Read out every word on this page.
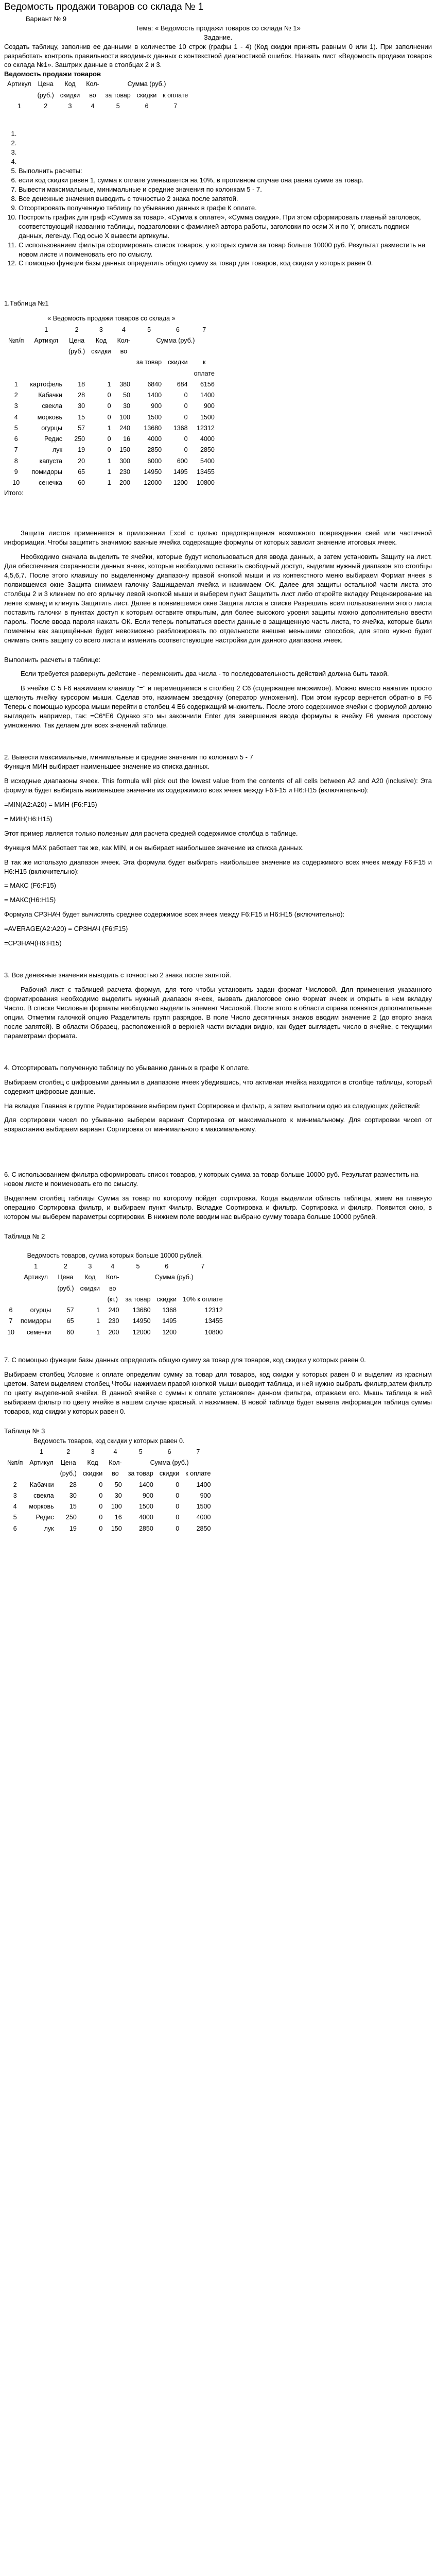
Ведомость продажи товаров со склада № 1

Вариант № 9

Тема: « Ведомость продажи товаров со склада № 1»

Задание.

Создать таблицу, заполнив ее данными в количестве 10 строк (графы 1 - 4) (Код скидки принять равным 0 или 1). При заполнении разработать контроль правильности вводимых данных с контекстной диагностикой ошибок. Назвать лист «Ведомость продажи товаров со склада №1». Заштрих данные в столбцах 2 и 3.

Ведомость продажи товаров

Артикул	Цена	Код	Кол-	Сумма (руб.)		
	(руб.)	скидки	во	за товар	скидки	к оплате
1	2	3	4	5	6	7
1.
2.
3.
4.
5. Выполнить расчеты:
6. если код скидки равен 1, сумма к оплате уменьшается на 10%, в противном случае она равна сумме за товар.
7. Вывести максимальные, минимальные и средние значения по колонкам 5 - 7.
8. Все денежные значения выводить с точностью 2 знака после запятой.
9. Отсортировать полученную таблицу по убыванию данных в графе К оплате.
10. Построить график для граф «Сумма за товар», «Сумма к оплате», «Сумма скидки». При этом сформировать главный заголовок, соответствующий названию таблицы, подзаголовки с фамилией автора работы, заголовки по осям X и по Y, описать подписи данных, легенду. Под осью X вывести артикулы.
11. С использованием фильтра сформировать список товаров, у которых сумма за товар больше 10000 руб. Результат разместить на новом листе и поименовать его по смыслу.
12. С помощью функции базы данных определить общую сумму за товар для товаров, код скидки у которых равен 0.

1.Таблица №1

« Ведомость продажи товаров со склада »							
	1	2	3	4	5	6	7
№п/п	Артикул	Цена	Код	Кол-	Сумма (руб.)		
		(руб.)	скидки	во			
					за товар	скидки	к
							оплате
1	картофель	18	1	380	6840	684	6156
2	Кабачки	28	0	50	1400	0	1400
3	свекла	30	0	30	900	0	900
4	морковь	15	0	100	1500	0	1500
5	огурцы	57	1	240	13680	1368	12312
6	Редис	250	0	16	4000	0	4000
7	лук	19	0	150	2850	0	2850
8	капуста	20	1	300	6000	600	5400
9	помидоры	65	1	230	14950	1495	13455
10	сенечка	60	1	200	12000	1200	10800

Итого:

Защита листов применяется в приложении Excel с целью предотвращения возможного повреждения свей или частичной информации. Чтобы защитить значимою важные ячейка содержащие формулы от которых зависит значение итоговых ячеек.

Необходимо сначала выделить те ячейки, которые будут использоваться для ввода данных, а затем установить Защиту на лист. Для обеспечения сохранности данных ячеек, которые необходимо оставить свободный доступ, выделим нужный диапазон это столбцы 4,5,6,7. После этого клавишу по выделенному диапазону правой кнопкой мыши и из контекстного меню выбираем Формат ячеек в появившемся окне Защита снимаем галочку Защищаемая ячейка и нажимаем ОК. Далее для защиты остальной части листа это столбцы 2 и 3 кликнем по его ярлычку левой кнопкой мыши и выберем пункт Защитить лист либо откройте вкладку Рецензирование на ленте команд и клинуть Защитить лист. Далее в появившемся окне Защита листа в списке Разрешить всем пользователям этого листа поставить галочки в пунктах доступ к которым оставите открытым, для более высокого уровня защиты можно дополнительно ввести пароль. После ввода пароля нажать ОК. Если теперь попытаться ввести данные в защищенную часть листа, то ячейка, которые были помечены как защищённые будет невозможно разблокировать по отдельности внешне меньшими способов, для этого нужно будет снимать снять защиту со всего листа и изменить соответствующие настройки для данного диапазона ячеек.

Выполнить расчеты в таблице:

Если требуется развернуть действие - перемножить два числа - то последовательность действий должна быть такой.

В ячейке С 5 F6 нажимаем клавишу "=" и перемещаемся в столбец 2 C6 (содержащее множимое). Можно вместо нажатия просто щелкнуть ячейку курсором мыши. Сделав это, нажимаем звездочку (оператор умножения). При этом курсор вернется обратно в F6 Теперь с помощью курсора мыши перейти в столбец 4 E6 содержащий множитель. После этого содержимое ячейки с формулой должно выглядеть например, так: =C6*E6 Однако это мы закончили Enter для завершения ввода формулы в ячейку F6 умения простому умножению. Так делаем для всех значений таблице.

2. Вывести максимальные, минимальные и средние значения по колонкам 5 - 7

Функция МИН выбирает наименьшее значение из списка данных.

В исходные диапазоны ячеек. This formula will pick out the lowest value from the contents of all cells between A2 and A20 (inclusive): Эта формула будет выбирать наименьшее значение из содержимого всех ячеек между F6:F15 и H6:H15 (включительно):

=MIN(A2:A20) = МИН (F6:F15)

= МИН(H6:H15)

Этот пример является только полезным для расчета средней содержимое столбца в таблице.

Функция МАХ работает так же, как MIN, и он выбирает наибольшее значение из списка данных.

В так же использую диапазон ячеек. Эта формула будет выбирать наибольшее значение из содержимого всех ячеек между F6:F15 и H6:H15 (включительно):

= МАКС (F6:F15)

= МАКС(H6:H15)

Формула СРЗНАЧ будет вычислять среднее содержимое всех ячеек между F6:F15 и H6:H15 (включительно):

=AVERAGE(A2:A20) = СРЗНАЧ (F6:F15)

=СРЗНАЧ(H6:H15)

3. Все денежные значения выводить с точностью 2 знака после запятой.

Рабочий лист с таблицей расчета формул, для того чтобы установить задан формат Числовой. Для применения указанного форматирования необходимо выделить нужный диапазон ячеек, вызвать диалоговое окно Формат ячеек и открыть в нем вкладку Число. В списке Числовые форматы необходимо выделить элемент Числовой. После этого в области справа появятся дополнительные опции. Отметим галочкой опцию Разделитель групп разрядов. В поле Число десятичных знаков вводим значение 2 (до вторго знака после запятой). В области Образец, расположенной в верхней части вкладки видно, как будет выглядеть число в ячейке, с текущими параметрами формата.

4. Отсортировать полученную таблицу по убыванию данных в графе К оплате.

Выбираем столбец с цифровыми данными в диапазоне ячеек убедившись, что активная ячейка находится в столбце таблицы, который содержит цифровые данные.

На вкладке Главная в группе Редактирование выберем пункт Сортировка и фильтр, а затем выполним одно из следующих действий:

Для сортировки чисел по убыванию выберем вариант Сортировка от максимального к минимальному. Для сортировки чисел от возрастанию выбираем вариант Сортировка от минимального к максимальному.

6. С использованием фильтра сформировать список товаров, у которых сумма за товар больше 10000 руб. Результат разместить на новом листе и поименовать его по смыслу.

Выделяем столбец таблицы Сумма за товар по которому пойдет сортировка. Когда выделили область таблицы, жмем на главную операцию Сортировка фильтр, и выбираем пункт Фильтр. Вкладке Сортировка и фильтр. Сортировка и фильтр. Появится окно, в котором мы выберем параметры сортировки. В нижнем поле вводим нас выбрано сумму товара больше 10000 рублей.

Таблица № 2

Ведомость товаров, сумма которых больше 10000 рублей.							
	1	2	3	4	5	6	7
	Артикул	Цена	Код	Кол-	Сумма (руб.)		
		(руб.)	скидки	во			
				(кг.)	за товар	скидки	10% к оплате
6	огурцы	57	1	240	13680	1368	12312
7	помидоры	65	1	230	14950	1495	13455
10	семечки	60	1	200	12000	1200	10800

7. С помощью функции базы данных определить общую сумму за товар для товаров, код скидки у которых равен 0.

Выбираем столбец Условие к оплате определим сумму за товар для товаров, код скидки у которых равен 0 и выделим из красным цветом. Затем выделяем столбец Чтобы нажимаем правой кнопкой мыши выводит таблица, и ней нужно выбрать фильтр,затем фильтр по цвету выделенной ячейки. В данной ячейке с суммы к оплате установлен данном фильтра, отражаем его. Мышь таблица в ней выбираем фильтр по цвету ячейке в нашем случае красный. и нажимаем. В новой таблице будет вывела информация таблица суммы товаров, код скидки у которых равен 0.

Таблица № 3

Ведомость товаров, код скидки у которых равен 0.							
	1	2	3	4	5	6	7
№п/п	Артикул	Цена	Код	Кол-	Сумма (руб.)		
		(руб.)	скидки	во	за товар	скидки	к оплате
2	Кабачки	28	0	50	1400	0	1400
3	свекла	30	0	30	900	0	900
4	морковь	15	0	100	1500	0	1500
5	Редис	250	0	16	4000	0	4000
6	лук	19	0	150	2850	0	2850
